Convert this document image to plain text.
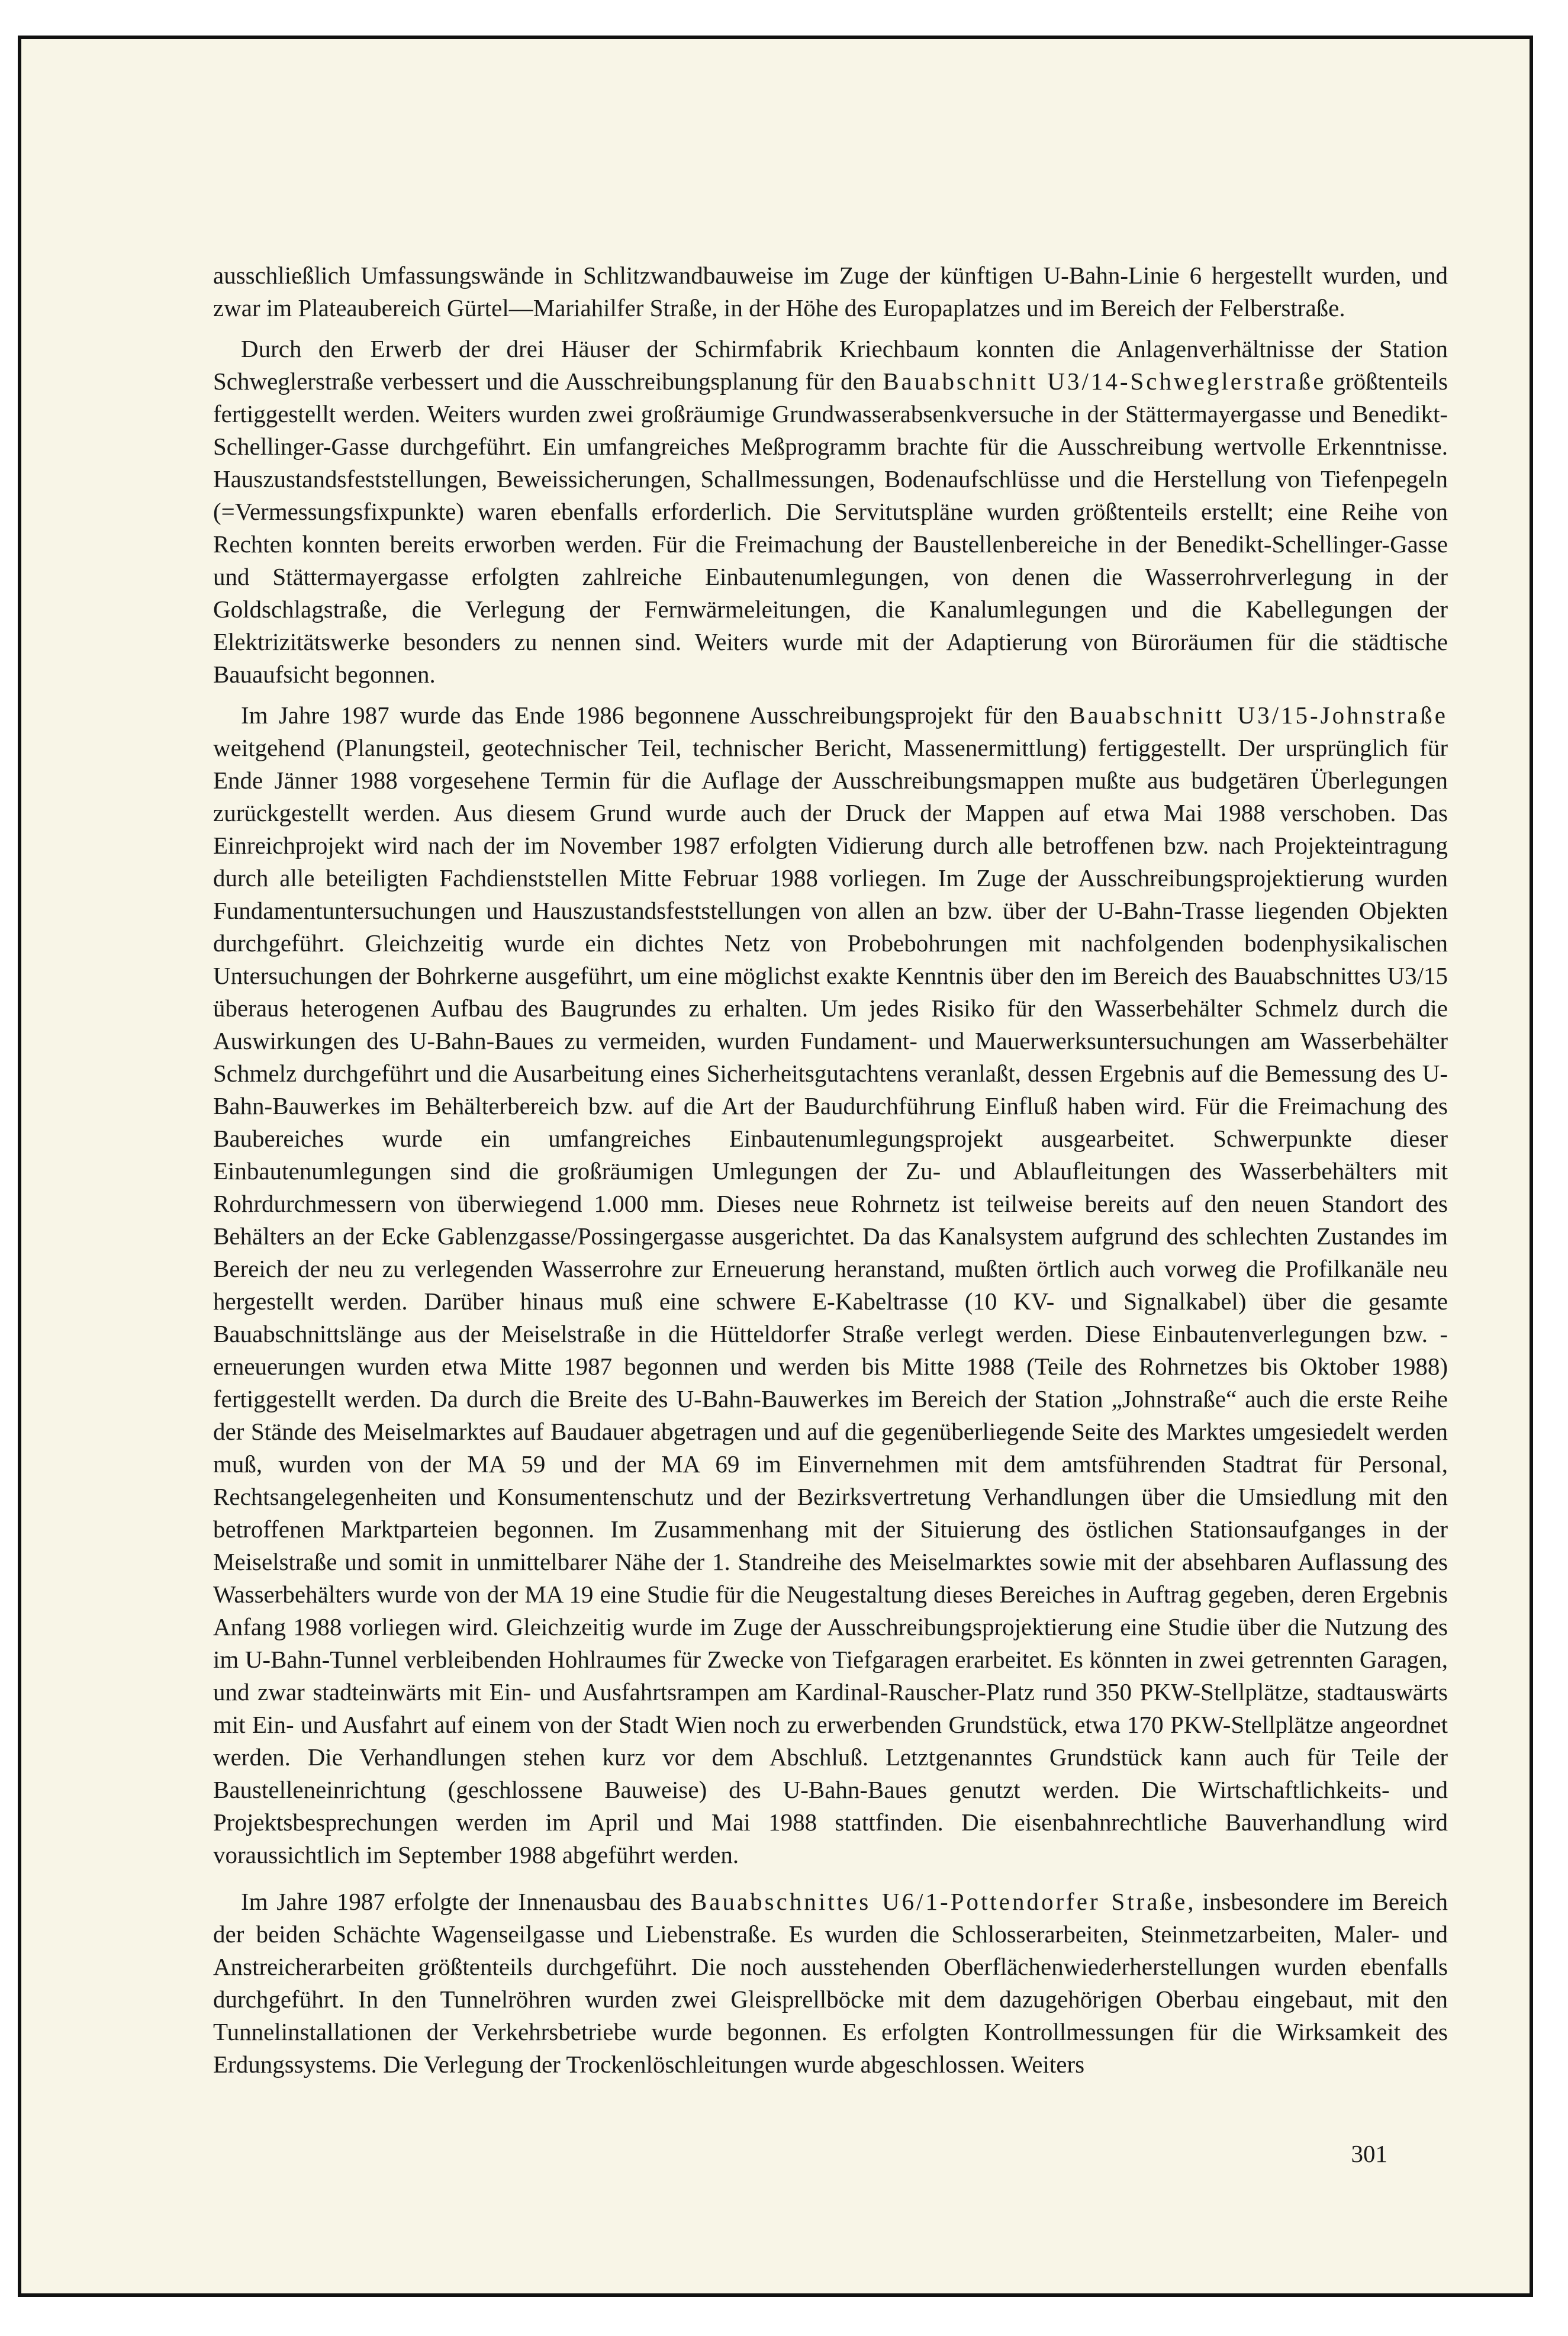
ausschließlich Umfassungswände in Schlitzwandbauweise im Zuge der künftigen U-Bahn-Linie 6 hergestellt wurden, und zwar im Plateaubereich Gürtel—Mariahilfer Straße, in der Höhe des Europaplatzes und im Bereich der Felberstraße.

Durch den Erwerb der drei Häuser der Schirmfabrik Kriechbaum konnten die Anlagenverhältnisse der Station Schweglerstraße verbessert und die Ausschreibungsplanung für den Bauabschnitt U3/14-Schweglerstraße größtenteils fertiggestellt werden. Weiters wurden zwei großräumige Grundwasserabsenkversuche in der Stättermayergasse und Benedikt-Schellinger-Gasse durchgeführt. Ein umfangreiches Meßprogramm brachte für die Ausschreibung wertvolle Erkenntnisse. Hauszustandsfeststellungen, Beweissicherungen, Schallmessungen, Bodenaufschlüsse und die Herstellung von Tiefenpegeln (=Vermessungsfixpunkte) waren ebenfalls erforderlich. Die Servitutspläne wurden größtenteils erstellt; eine Reihe von Rechten konnten bereits erworben werden. Für die Freimachung der Baustellenbereiche in der Benedikt-Schellinger-Gasse und Stättermayergasse erfolgten zahlreiche Einbautenumlegungen, von denen die Wasserrohrverlegung in der Goldschlagstraße, die Verlegung der Fernwärmeleitungen, die Kanalumlegungen und die Kabellegungen der Elektrizitätswerke besonders zu nennen sind. Weiters wurde mit der Adaptierung von Büroräumen für die städtische Bauaufsicht begonnen.

Im Jahre 1987 wurde das Ende 1986 begonnene Ausschreibungsprojekt für den Bauabschnitt U3/15-Johnstraße weitgehend (Planungsteil, geotechnischer Teil, technischer Bericht, Massenermittlung) fertiggestellt. Der ursprünglich für Ende Jänner 1988 vorgesehene Termin für die Auflage der Ausschreibungsmappen mußte aus budgetären Überlegungen zurückgestellt werden. Aus diesem Grund wurde auch der Druck der Mappen auf etwa Mai 1988 verschoben. Das Einreichprojekt wird nach der im November 1987 erfolgten Vidierung durch alle betroffenen bzw. nach Projekteintragung durch alle beteiligten Fachdienststellen Mitte Februar 1988 vorliegen. Im Zuge der Ausschreibungsprojektierung wurden Fundamentuntersuchungen und Hauszustandsfeststellungen von allen an bzw. über der U-Bahn-Trasse liegenden Objekten durchgeführt. Gleichzeitig wurde ein dichtes Netz von Probebohrungen mit nachfolgenden bodenphysikalischen Untersuchungen der Bohrkerne ausgeführt, um eine möglichst exakte Kenntnis über den im Bereich des Bauabschnittes U3/15 überaus heterogenen Aufbau des Baugrundes zu erhalten. Um jedes Risiko für den Wasserbehälter Schmelz durch die Auswirkungen des U-Bahn-Baues zu vermeiden, wurden Fundament- und Mauerwerksuntersuchungen am Wasserbehälter Schmelz durchgeführt und die Ausarbeitung eines Sicherheitsgutachtens veranlaßt, dessen Ergebnis auf die Bemessung des U-Bahn-Bauwerkes im Behälterbereich bzw. auf die Art der Baudurchführung Einfluß haben wird. Für die Freimachung des Baubereiches wurde ein umfangreiches Einbautenumlegungsprojekt ausgearbeitet. Schwerpunkte dieser Einbautenumlegungen sind die großräumigen Umlegungen der Zu- und Ablaufleitungen des Wasserbehälters mit Rohrdurchmessern von überwiegend 1.000 mm. Dieses neue Rohrnetz ist teilweise bereits auf den neuen Standort des Behälters an der Ecke Gablenzgasse/Possingergasse ausgerichtet. Da das Kanalsystem aufgrund des schlechten Zustandes im Bereich der neu zu verlegenden Wasserrohre zur Erneuerung heranstand, mußten örtlich auch vorweg die Profilkanäle neu hergestellt werden. Darüber hinaus muß eine schwere E-Kabeltrasse (10 KV- und Signalkabel) über die gesamte Bauabschnittslänge aus der Meiselstraße in die Hütteldorfer Straße verlegt werden. Diese Einbautenverlegungen bzw. -erneuerungen wurden etwa Mitte 1987 begonnen und werden bis Mitte 1988 (Teile des Rohrnetzes bis Oktober 1988) fertiggestellt werden. Da durch die Breite des U-Bahn-Bauwerkes im Bereich der Station „Johnstraße“ auch die erste Reihe der Stände des Meiselmarktes auf Baudauer abgetragen und auf die gegenüberliegende Seite des Marktes umgesiedelt werden muß, wurden von der MA 59 und der MA 69 im Einvernehmen mit dem amtsführenden Stadtrat für Personal, Rechtsangelegenheiten und Konsumentenschutz und der Bezirksvertretung Verhandlungen über die Umsiedlung mit den betroffenen Marktparteien begonnen. Im Zusammenhang mit der Situierung des östlichen Stationsaufganges in der Meiselstraße und somit in unmittelbarer Nähe der 1. Standreihe des Meiselmarktes sowie mit der absehbaren Auflassung des Wasserbehälters wurde von der MA 19 eine Studie für die Neugestaltung dieses Bereiches in Auftrag gegeben, deren Ergebnis Anfang 1988 vorliegen wird. Gleichzeitig wurde im Zuge der Ausschreibungsprojektierung eine Studie über die Nutzung des im U-Bahn-Tunnel verbleibenden Hohlraumes für Zwecke von Tiefgaragen erarbeitet. Es könnten in zwei getrennten Garagen, und zwar stadteinwärts mit Ein- und Ausfahrtsrampen am Kardinal-Rauscher-Platz rund 350 PKW-Stellplätze, stadtauswärts mit Ein- und Ausfahrt auf einem von der Stadt Wien noch zu erwerbenden Grundstück, etwa 170 PKW-Stellplätze angeordnet werden. Die Verhandlungen stehen kurz vor dem Abschluß. Letztgenanntes Grundstück kann auch für Teile der Baustelleneinrichtung (geschlossene Bauweise) des U-Bahn-Baues genutzt werden. Die Wirtschaftlichkeits- und Projektsbesprechungen werden im April und Mai 1988 stattfinden. Die eisenbahnrechtliche Bauverhandlung wird voraussichtlich im September 1988 abgeführt werden.

Im Jahre 1987 erfolgte der Innenausbau des Bauabschnittes U6/1-Pottendorfer Straße, insbesondere im Bereich der beiden Schächte Wagenseilgasse und Liebenstraße. Es wurden die Schlosserarbeiten, Steinmetzarbeiten, Maler- und Anstreicherarbeiten größtenteils durchgeführt. Die noch ausstehenden Oberflächenwiederherstellungen wurden ebenfalls durchgeführt. In den Tunnelröhren wurden zwei Gleisprellböcke mit dem dazugehörigen Oberbau eingebaut, mit den Tunnelinstallationen der Verkehrsbetriebe wurde begonnen. Es erfolgten Kontrollmessungen für die Wirksamkeit des Erdungssystems. Die Verlegung der Trockenlöschleitungen wurde abgeschlossen. Weiters

301
